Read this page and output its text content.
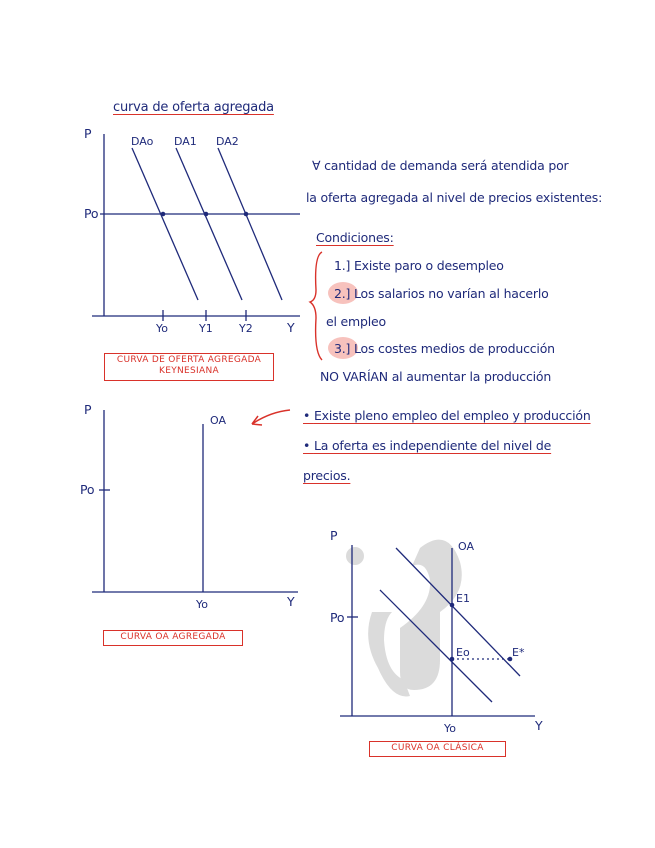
curva de oferta agregada
P
Po
DAo DA1 DA2
Yo	Y1 Y2	Y
CURVA DE OFERTA AGREGADA
KEYNESIANA
∀ cantidad de demanda será atendida por
la oferta agregada al nivel de precios existentes:
Condiciones:
1.] Existe paro o desempleo
2.] Los salarios no varían al hacerlo
el empleo
3.] Los costes medios de producción
NO VARÍAN al aumentar la producción
P
OA
Po
Yo	Y
CURVA OA AGREGADA
• Existe pleno empleo del empleo y producción
• La oferta es independiente del nivel de
precios.
P
OA
Po
E1
Eo	E*
Yo	Y
CURVA OA CLÁSICA
